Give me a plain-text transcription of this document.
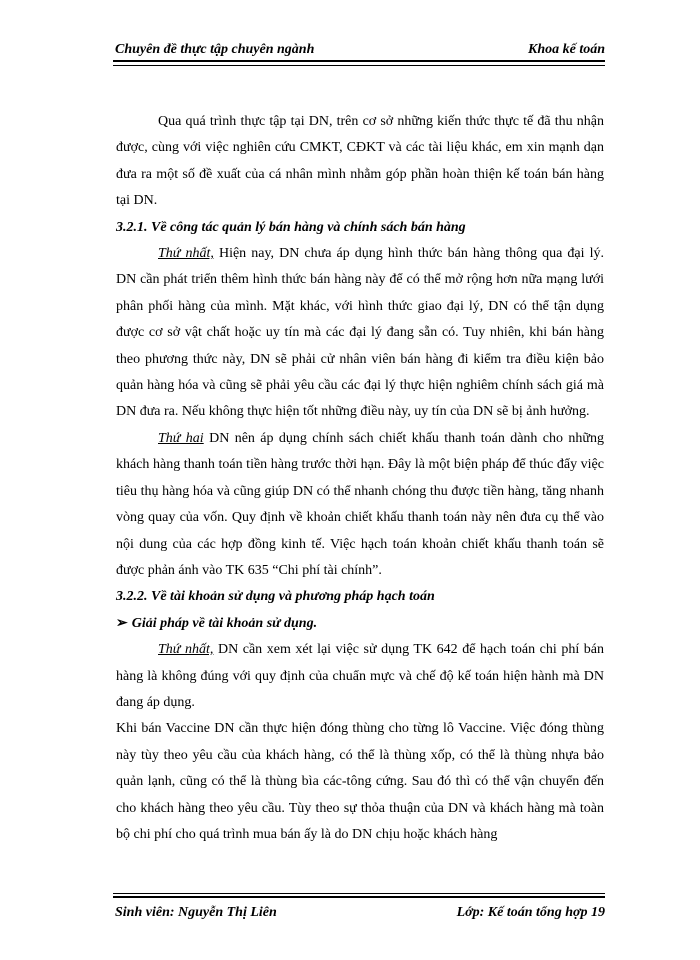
Chuyên đề thực tập chuyên ngành	Khoa kế toán

Qua quá trình thực tập tại DN, trên cơ sở những kiến thức thực tế đã thu nhận được, cùng với việc nghiên cứu CMKT, CĐKT và các tài liệu khác, em xin mạnh dạn đưa ra một số đề xuất của cá nhân mình nhằm góp phần hoàn thiện kế toán bán hàng tại DN.

3.2.1. Về công tác quản lý bán hàng và chính sách bán hàng

Thứ nhất, Hiện nay, DN chưa áp dụng hình thức bán hàng thông qua đại lý. DN cần phát triển thêm hình thức bán hàng này để có thể mở rộng hơn nữa mạng lưới phân phối hàng của mình. Mặt khác, với hình thức giao đại lý, DN có thể tận dụng được cơ sở vật chất hoặc uy tín mà các đại lý đang sẵn có. Tuy nhiên, khi bán hàng theo phương thức này, DN sẽ phải cử nhân viên bán hàng đi kiểm tra điều kiện bảo quản hàng hóa và cũng sẽ phải yêu cầu các đại lý thực hiện nghiêm chính sách giá mà DN đưa ra. Nếu không thực hiện tốt những điều này, uy tín của DN sẽ bị ảnh hưởng.

Thứ hai DN nên áp dụng chính sách chiết khấu thanh toán dành cho những khách hàng thanh toán tiền hàng trước thời hạn. Đây là một biện pháp để thúc đẩy việc tiêu thụ hàng hóa và cũng giúp DN có thể nhanh chóng thu được tiền hàng, tăng nhanh vòng quay của vốn. Quy định về khoản chiết khấu thanh toán này nên đưa cụ thể vào nội dung của các hợp đồng kinh tế. Việc hạch toán khoản chiết khấu thanh toán sẽ được phản ánh vào TK 635 “Chi phí tài chính”.

3.2.2. Về tài khoản sử dụng và phương pháp hạch toán
➢ Giải pháp về tài khoản sử dụng.

Thứ nhất, DN cần xem xét lại việc sử dụng TK 642 để hạch toán chi phí bán hàng là không đúng với quy định của chuẩn mực và chế độ kế toán hiện hành mà DN đang áp dụng.

Khi bán Vaccine DN cần thực hiện đóng thùng cho từng lô Vaccine. Việc đóng thùng này tùy theo yêu cầu của khách hàng, có thể là thùng xốp, có thể là thùng nhựa bảo quản lạnh, cũng có thể là thùng bìa các-tông cứng. Sau đó thì có thể vận chuyển đến cho khách hàng theo yêu cầu. Tùy theo sự thỏa thuận của DN và khách hàng mà toàn bộ chi phí cho quá trình mua bán ấy là do DN chịu hoặc khách hàng

Sinh viên: Nguyễn Thị Liên	Lớp: Kế toán tổng hợp 19
